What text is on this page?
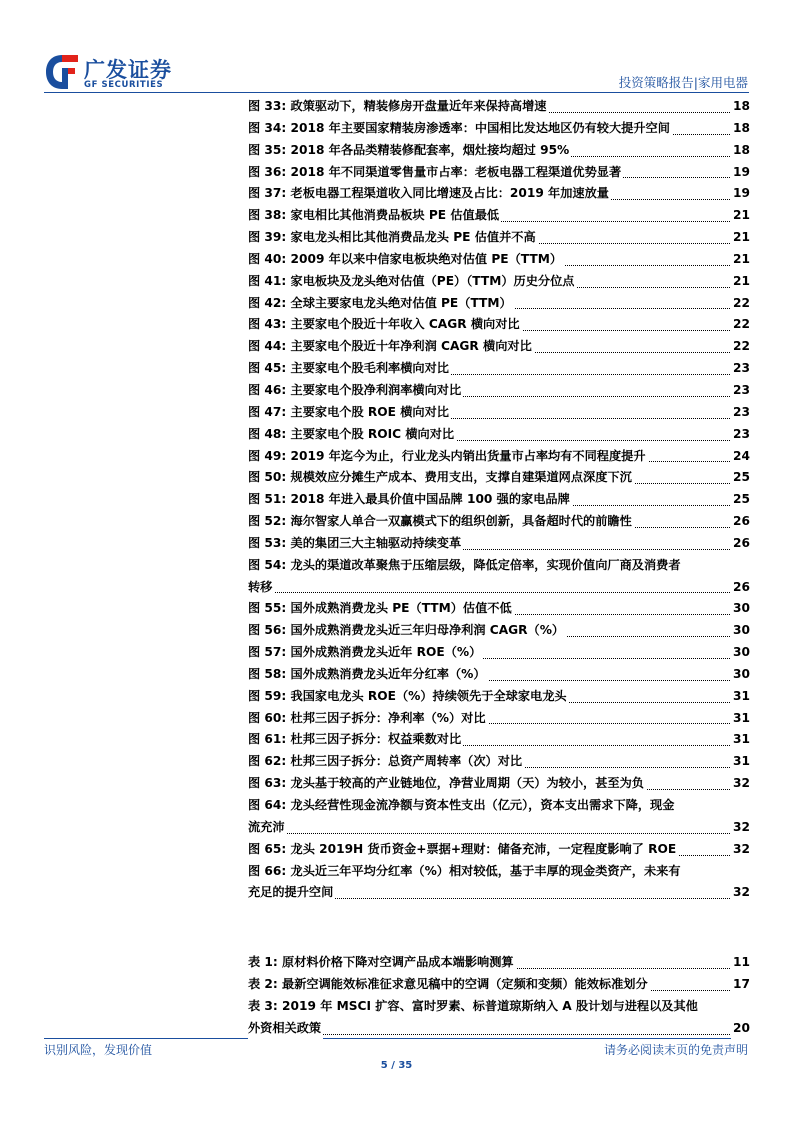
广发证券
GF SECURITIES	投资策略报告|家用电器
图 33: 政策驱动下，精装修房开盘量近年来保持高增速	18
图 34: 2018 年主要国家精装房渗透率：中国相比发达地区仍有较大提升空间	18
图 35: 2018 年各品类精装修配套率，烟灶接均超过 95%	18
图 36: 2018 年不同渠道零售量市占率：老板电器工程渠道优势显著	19
图 37: 老板电器工程渠道收入同比增速及占比：2019 年加速放量	19
图 38: 家电相比其他消费品板块 PE 估值最低	21
图 39: 家电龙头相比其他消费品龙头 PE 估值并不高	21
图 40: 2009 年以来中信家电板块绝对估值 PE（TTM）	21
图 41: 家电板块及龙头绝对估值（PE）（TTM）历史分位点	21
图 42: 全球主要家电龙头绝对估值 PE（TTM）	22
图 43: 主要家电个股近十年收入 CAGR 横向对比	22
图 44: 主要家电个股近十年净利润 CAGR 横向对比	22
图 45: 主要家电个股毛利率横向对比	23
图 46: 主要家电个股净利润率横向对比	23
图 47: 主要家电个股 ROE 横向对比	23
图 48: 主要家电个股 ROIC 横向对比	23
图 49: 2019 年迄今为止，行业龙头内销出货量市占率均有不同程度提升	24
图 50: 规模效应分摊生产成本、费用支出，支撑自建渠道网点深度下沉	25
图 51: 2018 年进入最具价值中国品牌 100 强的家电品牌	25
图 52: 海尔智家人单合一双赢模式下的组织创新，具备超时代的前瞻性	26
图 53: 美的集团三大主轴驱动持续变革	26
图 54: 龙头的渠道改革聚焦于压缩层级，降低定倍率，实现价值向厂商及消费者
转移	26
图 55: 国外成熟消费龙头 PE（TTM）估值不低	30
图 56: 国外成熟消费龙头近三年归母净利润 CAGR（%）	30
图 57: 国外成熟消费龙头近年 ROE（%）	30
图 58: 国外成熟消费龙头近年分红率（%）	30
图 59: 我国家电龙头 ROE（%）持续领先于全球家电龙头	31
图 60: 杜邦三因子拆分：净利率（%）对比	31
图 61: 杜邦三因子拆分：权益乘数对比	31
图 62: 杜邦三因子拆分：总资产周转率（次）对比	31
图 63: 龙头基于较高的产业链地位，净营业周期（天）为较小，甚至为负	32
图 64: 龙头经营性现金流净额与资本性支出（亿元），资本支出需求下降，现金
流充沛	32
图 65: 龙头 2019H 货币资金+票据+理财：储备充沛，一定程度影响了 ROE	32
图 66: 龙头近三年平均分红率（%）相对较低，基于丰厚的现金类资产，未来有
充足的提升空间	32
表 1: 原材料价格下降对空调产品成本端影响测算	11
表 2: 最新空调能效标准征求意见稿中的空调（定频和变频）能效标准划分	17
表 3: 2019 年 MSCI 扩容、富时罗素、标普道琼斯纳入 A 股计划与进程以及其他
外资相关政策	20
识别风险，发现价值	请务必阅读末页的免责声明
5 / 35
